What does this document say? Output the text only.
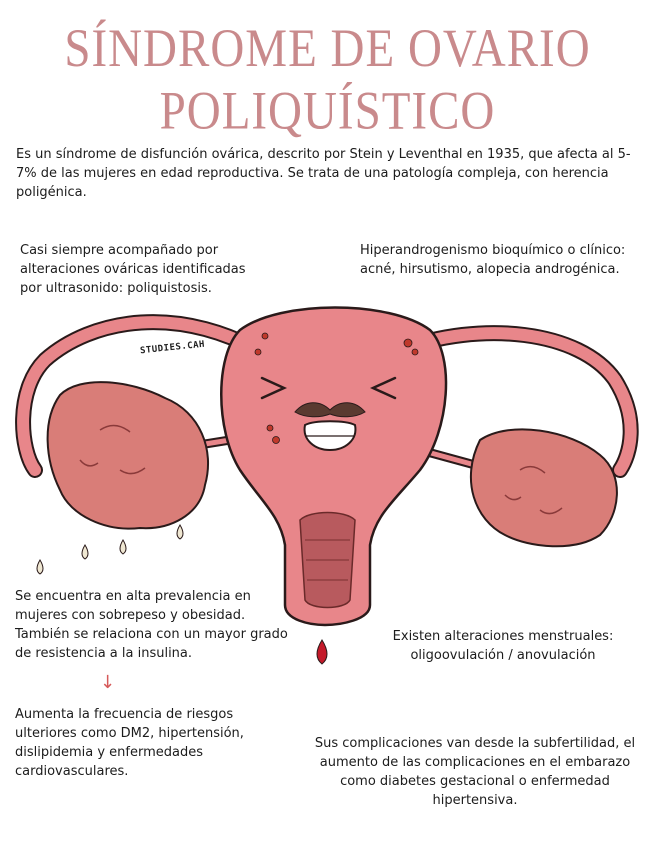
SÍNDROME DE OVARIO POLIQUÍSTICO
Es un síndrome de disfunción ovárica, descrito por Stein y Leventhal en 1935, que afecta al 5-7% de las mujeres en edad reproductiva. Se trata de una patología compleja, con herencia poligénica.
Casi siempre acompañado por alteraciones ováricas identificadas por ultrasonido: poliquistosis.
Hiperandrogenismo bioquímico o clínico: acné, hirsutismo, alopecia androgénica.
STUDIES.CAH
Se encuentra en alta prevalencia en mujeres con sobrepeso y obesidad. También se relaciona con un mayor grado de resistencia a la insulina.
Existen alteraciones menstruales: oligoovulación / anovulación
↓
Aumenta la frecuencia de riesgos ulteriores como DM2, hipertensión, dislipidemia y enfermedades cardiovasculares.
Sus complicaciones van desde la subfertilidad, el aumento de las complicaciones en el embarazo como diabetes gestacional o enfermedad hipertensiva.
